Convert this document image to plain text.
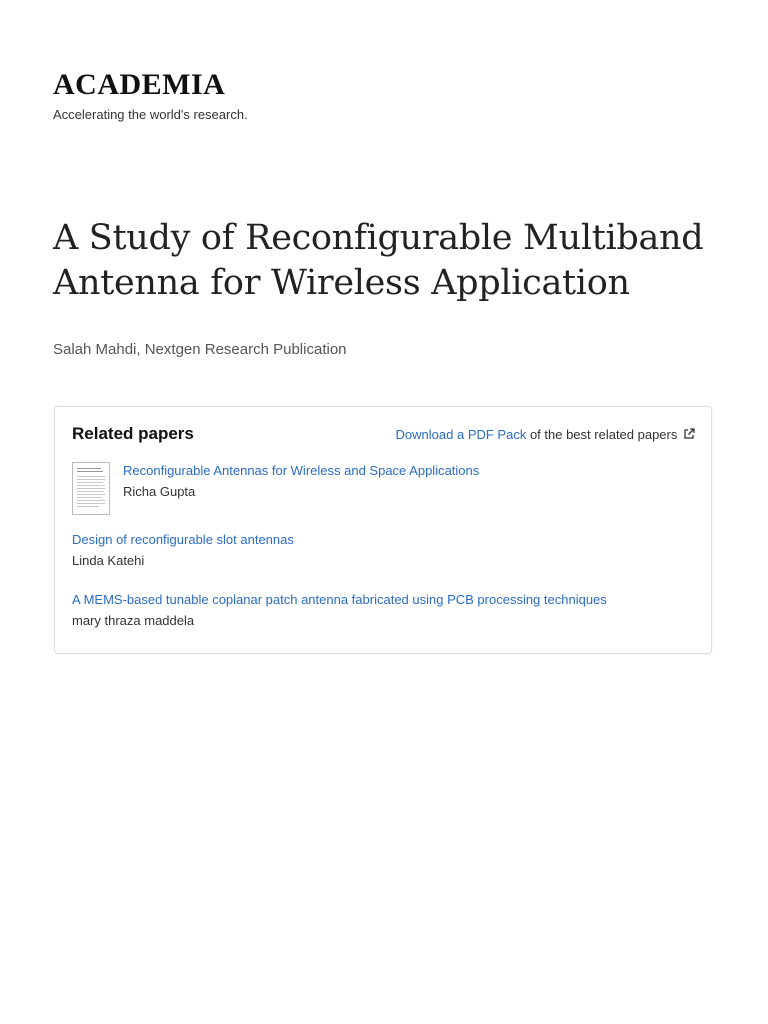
ACADEMIA
Accelerating the world's research.
A Study of Reconfigurable Multiband Antenna for Wireless Application
Salah Mahdi, Nextgen Research Publication
Related papers	Download a PDF Pack of the best related papers
Reconfigurable Antennas for Wireless and Space Applications
Richa Gupta
Design of reconfigurable slot antennas
Linda Katehi
A MEMS-based tunable coplanar patch antenna fabricated using PCB processing techniques
mary thraza maddela
